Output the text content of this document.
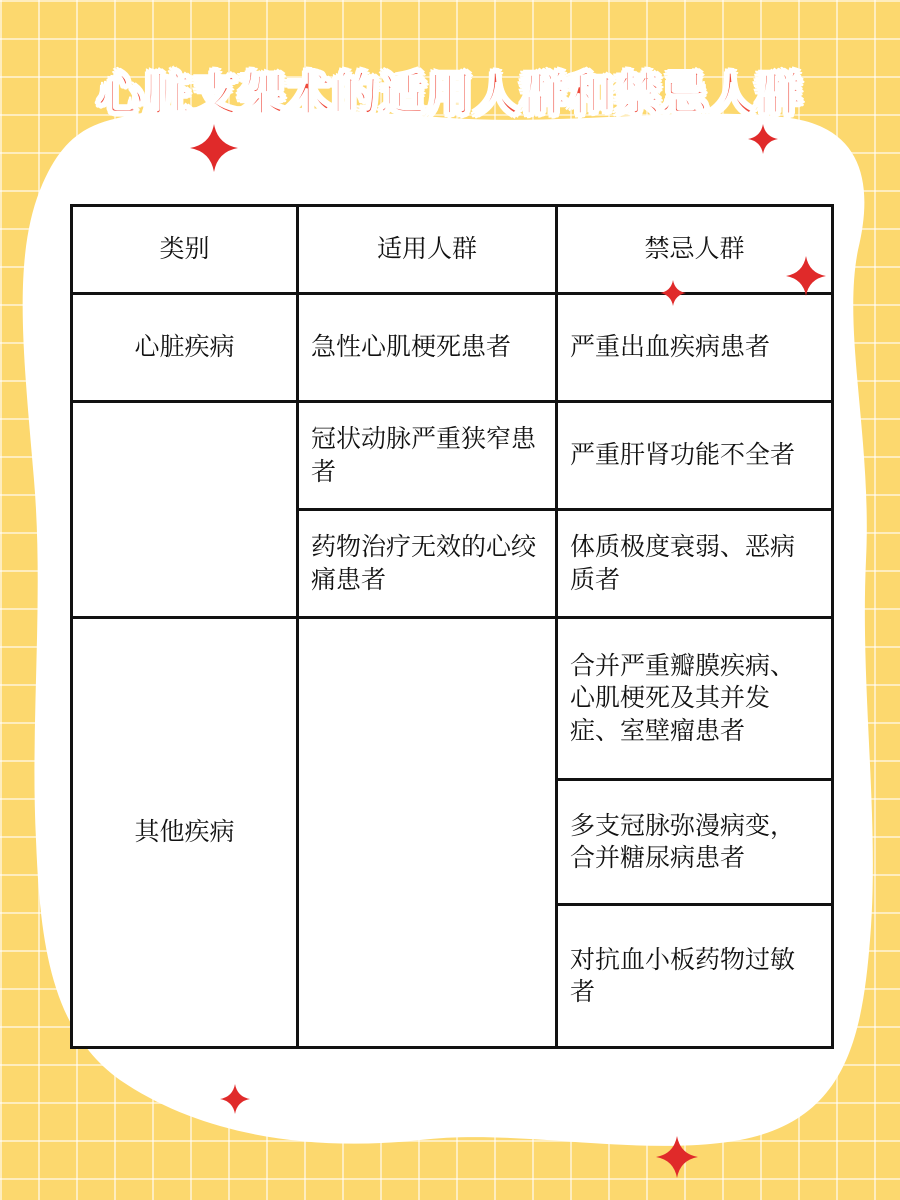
心脏支架术的适用人群和禁忌人群
类别	适用人群	禁忌人群
心脏疾病	急性心肌梗死患者	严重出血疾病患者
	冠状动脉严重狭窄患者	严重肝肾功能不全者
	药物治疗无效的心绞痛患者	体质极度衰弱、恶病质者
其他疾病		合并严重瓣膜疾病、心肌梗死及其并发症、室壁瘤患者
		多支冠脉弥漫病变，合并糖尿病患者
		对抗血小板药物过敏者
